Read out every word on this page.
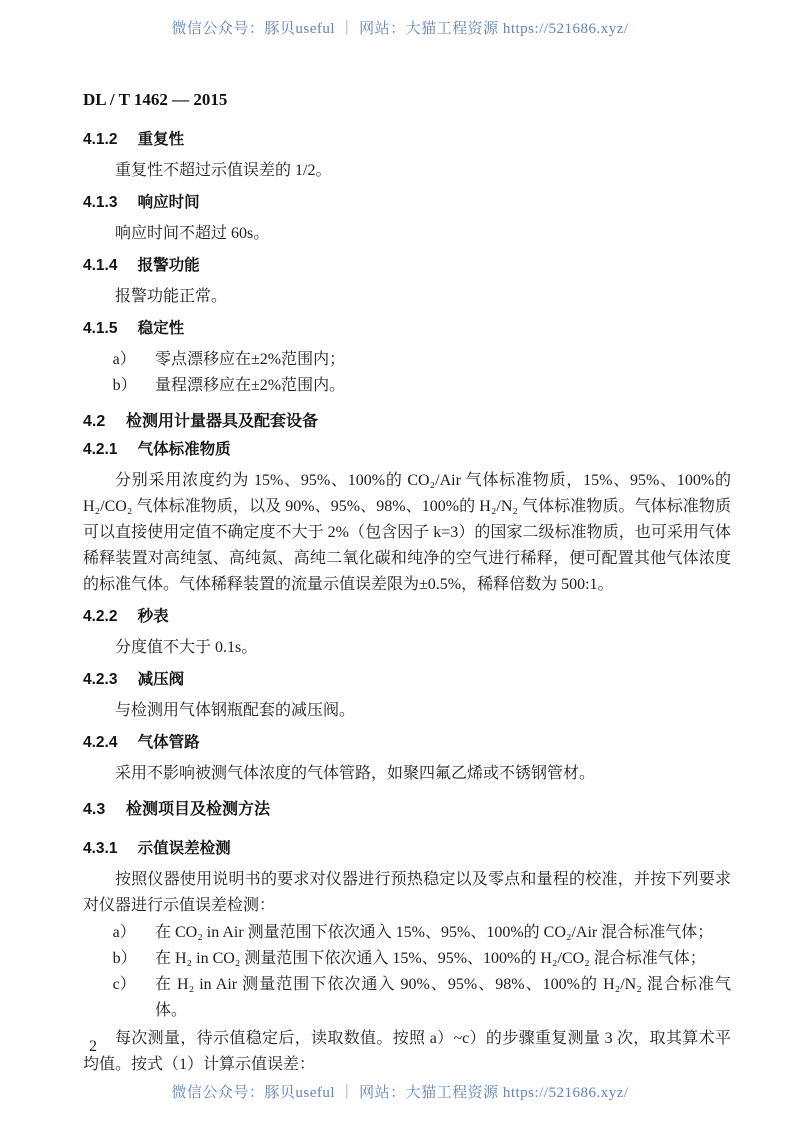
微信公众号：豚贝useful ｜ 网站：大猫工程资源 https://521686.xyz/
DL / T 1462 — 2015
4.1.2 重复性

重复性不超过示值误差的 1/2。

4.1.3 响应时间

响应时间不超过 60s。

4.1.4 报警功能

报警功能正常。

4.1.5 稳定性
a）	零点漂移应在±2%范围内；
b）	量程漂移应在±2%范围内。
4.2 检测用计量器具及配套设备
4.2.1 气体标准物质

分别采用浓度约为 15%、95%、100%的 CO₂/Air 气体标准物质，15%、95%、100%的 H₂/CO₂ 气体标准物质，以及 90%、95%、98%、100%的 H₂/N₂ 气体标准物质。气体标准物质可以直接使用定值不确定度不大于 2%（包含因子 k=3）的国家二级标准物质，也可采用气体稀释装置对高纯氢、高纯氮、高纯二氧化碳和纯净的空气进行稀释，便可配置其他气体浓度的标准气体。气体稀释装置的流量示值误差限为±0.5%，稀释倍数为 500:1。

4.2.2 秒表

分度值不大于 0.1s。

4.2.3 减压阀

与检测用气体钢瓶配套的减压阀。

4.2.4 气体管路

采用不影响被测气体浓度的气体管路，如聚四氟乙烯或不锈钢管材。

4.3 检测项目及检测方法
4.3.1 示值误差检测

按照仪器使用说明书的要求对仪器进行预热稳定以及零点和量程的校准，并按下列要求对仪器进行示值误差检测：

a）	在 CO₂ in Air 测量范围下依次通入 15%、95%、100%的 CO₂/Air 混合标准气体；
b）	在 H₂ in CO₂ 测量范围下依次通入 15%、95%、100%的 H₂/CO₂ 混合标准气体；
c）	在 H₂ in Air 测量范围下依次通入 90%、95%、98%、100%的 H₂/N₂ 混合标准气体。

每次测量，待示值稳定后，读取数值。按照 a）~c）的步骤重复测量 3 次，取其算术平均值。按式（1）计算示值误差：

2
微信公众号：豚贝useful ｜ 网站：大猫工程资源 https://521686.xyz/
